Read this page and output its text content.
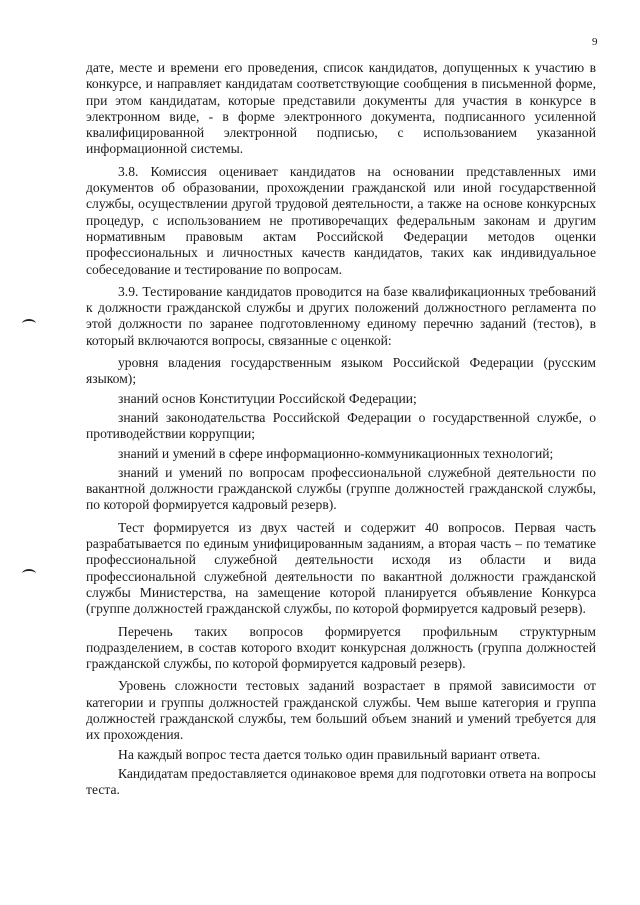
9

дате, месте и времени его проведения, список кандидатов, допущенных к участию в конкурсе, и направляет кандидатам соответствующие сообщения в письменной форме, при этом кандидатам, которые представили документы для участия в конкурсе в электронном виде, - в форме электронного документа, подписанного усиленной квалифицированной электронной подписью, с использованием указанной информационной системы.

3.8. Комиссия оценивает кандидатов на основании представленных ими документов об образовании, прохождении гражданской или иной государственной службы, осуществлении другой трудовой деятельности, а также на основе конкурсных процедур, с использованием не противоречащих федеральным законам и другим нормативным правовым актам Российской Федерации методов оценки профессиональных и личностных качеств кандидатов, таких как индивидуальное собеседование и тестирование по вопросам.

3.9. Тестирование кандидатов проводится на базе квалификационных требований к должности гражданской службы и других положений должностного регламента по этой должности по заранее подготовленному единому перечню заданий (тестов), в который включаются вопросы, связанные с оценкой:

уровня владения государственным языком Российской Федерации (русским языком);

знаний основ Конституции Российской Федерации;

знаний законодательства Российской Федерации о государственной службе, о противодействии коррупции;

знаний и умений в сфере информационно-коммуникационных технологий;

знаний и умений по вопросам профессиональной служебной деятельности по вакантной должности гражданской службы (группе должностей гражданской службы, по которой формируется кадровый резерв).

Тест формируется из двух частей и содержит 40 вопросов. Первая часть разрабатывается по единым унифицированным заданиям, а вторая часть – по тематике профессиональной служебной деятельности исходя из области и вида профессиональной служебной деятельности по вакантной должности гражданской службы Министерства, на замещение которой планируется объявление Конкурса (группе должностей гражданской службы, по которой формируется кадровый резерв).

Перечень таких вопросов формируется профильным структурным подразделением, в состав которого входит конкурсная должность (группа должностей гражданской службы, по которой формируется кадровый резерв).

Уровень сложности тестовых заданий возрастает в прямой зависимости от категории и группы должностей гражданской службы. Чем выше категория и группа должностей гражданской службы, тем больший объем знаний и умений требуется для их прохождения.

На каждый вопрос теста дается только один правильный вариант ответа.

Кандидатам предоставляется одинаковое время для подготовки ответа на вопросы теста.
